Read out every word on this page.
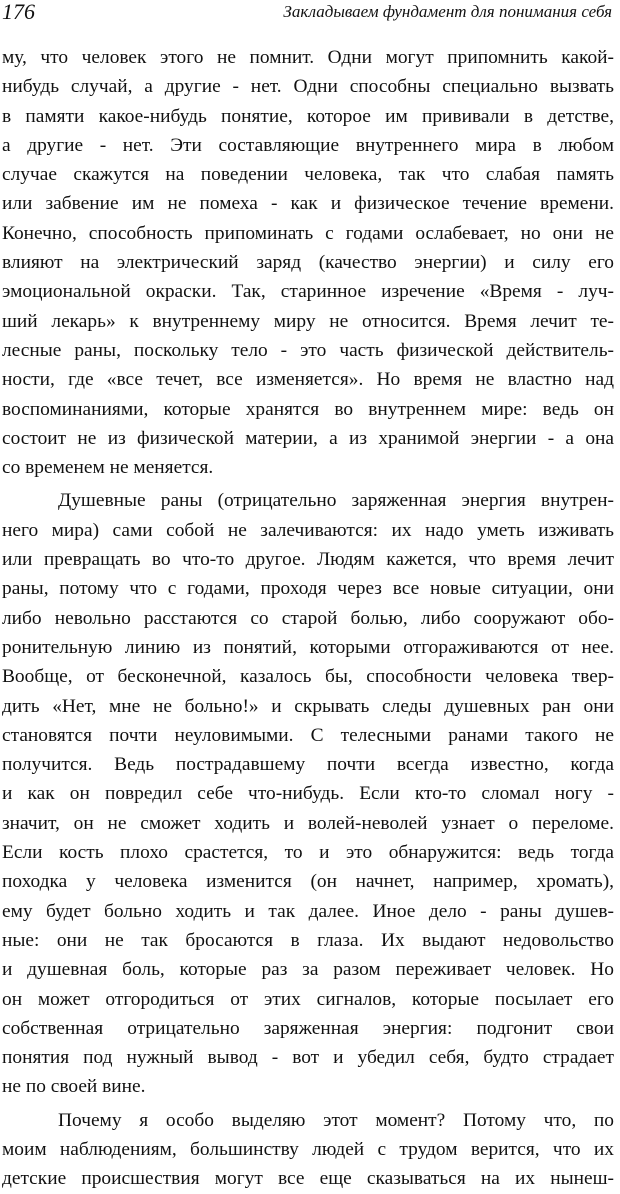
176	Закладываем фундамент для понимания себя
му, что человек этого не помнит. Одни могут припомнить какой-
нибудь случай, а другие - нет. Одни способны специально вызвать
в памяти какое-нибудь понятие, которое им прививали в детстве,
а другие - нет. Эти составляющие внутреннего мира в любом
случае скажутся на поведении человека, так что слабая память
или забвение им не помеха - как и физическое течение времени.
Конечно, способность припоминать с годами ослабевает, но они не
влияют на электрический заряд (качество энергии) и силу его
эмоциональной окраски. Так, старинное изречение «Время - луч-
ший лекарь» к внутреннему миру не относится. Время лечит те-
лесные раны, поскольку тело - это часть физической действитель-
ности, где «все течет, все изменяется». Но время не властно над
воспоминаниями, которые хранятся во внутреннем мире: ведь он
состоит не из физической материи, а из хранимой энергии - а она
со временем не меняется.
Душевные раны (отрицательно заряженная энергия внутрен-
него мира) сами собой не залечиваются: их надо уметь изживать
или превращать во что-то другое. Людям кажется, что время лечит
раны, потому что с годами, проходя через все новые ситуации, они
либо невольно расстаются со старой болью, либо сооружают обо-
ронительную линию из понятий, которыми отгораживаются от нее.
Вообще, от бесконечной, казалось бы, способности человека твер-
дить «Нет, мне не больно!» и скрывать следы душевных ран они
становятся почти неуловимыми. С телесными ранами такого не
получится. Ведь пострадавшему почти всегда известно, когда
и как он повредил себе что-нибудь. Если кто-то сломал ногу -
значит, он не сможет ходить и волей-неволей узнает о переломе.
Если кость плохо срастется, то и это обнаружится: ведь тогда
походка у человека изменится (он начнет, например, хромать),
ему будет больно ходить и так далее. Иное дело - раны душев-
ные: они не так бросаются в глаза. Их выдают недовольство
и душевная боль, которые раз за разом переживает человек. Но
он может отгородиться от этих сигналов, которые посылает его
собственная отрицательно заряженная энергия: подгонит свои
понятия под нужный вывод - вот и убедил себя, будто страдает
не по своей вине.
Почему я особо выделяю этот момент? Потому что, по
моим наблюдениям, большинству людей с трудом верится, что их
детские происшествия могут все еще сказываться на их нынеш-
